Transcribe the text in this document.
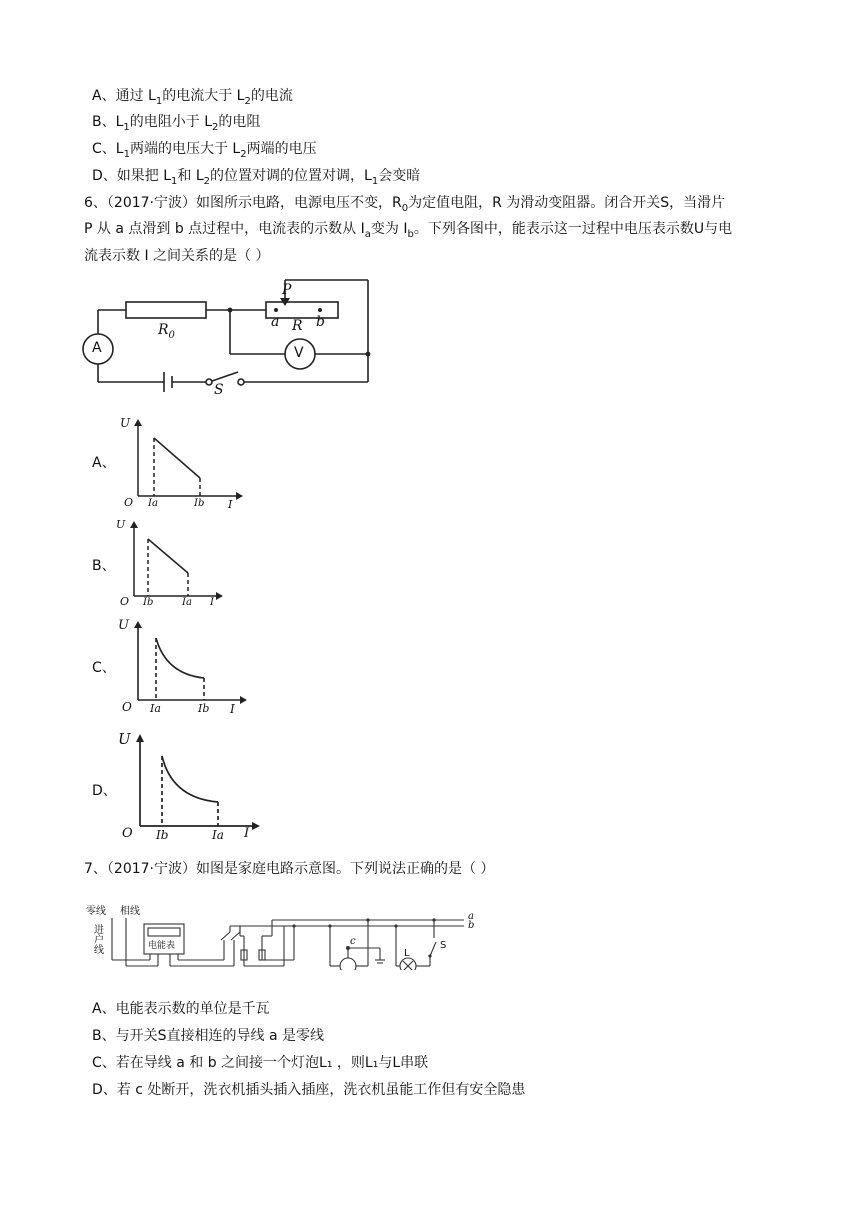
A、通过 $L_1$的电流大于 $L_2$的电流
B、$L_1$的电阻小于 $L_2$的电阻
C、$L_1$两端的电压大于 $L_2$两端的电压
D、如果把 $L_1$和 $L_2$的位置对调的位置对调，$L_1$会变暗
6、（2017·宁波）如图所示电路，电源电压不变，$R_0$为定值电阻，R 为滑动变阻器。闭合开关S，当滑片
P 从 a 点滑到 b 点过程中，电流表的示数从 $I_a$变为 $I_b$。下列各图中，能表示这一过程中电压表示数U与电
流表示数 I 之间关系的是（ ）
A	V
$R_0$
R
P
a	b
S
A、
U
O	I
Ia	Ib
B、
U
O	I
Ib	Ia
C、
U
O	I
Ia	Ib
D、
U
O	I
Ib	Ia
7、（2017·宁波）如图是家庭电路示意图。下列说法正确的是（ ）
零线 相线
进
户
线	电能表
a
b
c
L
S
A、电能表示数的单位是千瓦
B、与开关S直接相连的导线 a 是零线
C、若在导线 a 和 b 之间接一个灯泡L₁ ，则L₁与L串联
D、若 c 处断开，洗衣机插头插入插座，洗衣机虽能工作但有安全隐患
